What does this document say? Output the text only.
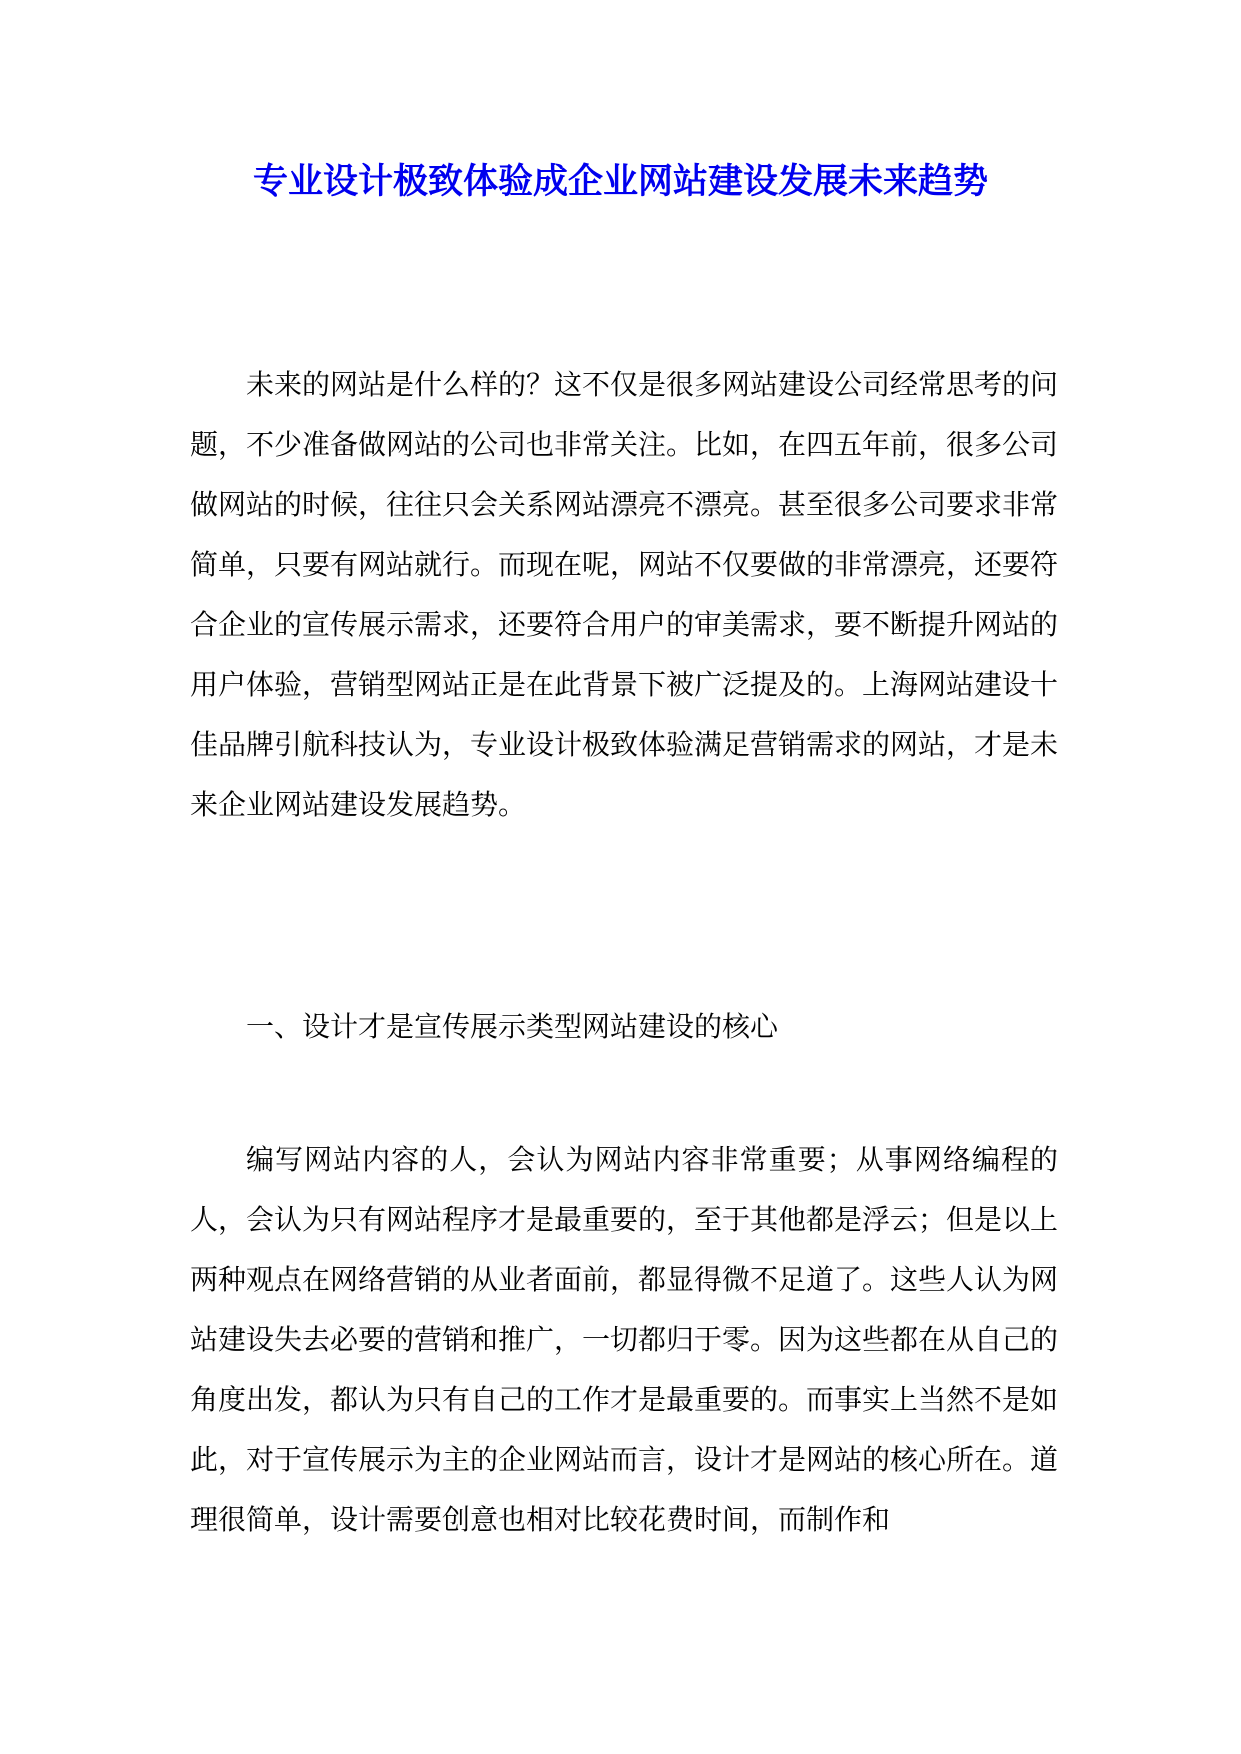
专业设计极致体验成企业网站建设发展未来趋势

未来的网站是什么样的？这不仅是很多网站建设公司经常思考的问题，不少准备做网站的公司也非常关注。比如，在四五年前，很多公司做网站的时候，往往只会关系网站漂亮不漂亮。甚至很多公司要求非常简单，只要有网站就行。而现在呢，网站不仅要做的非常漂亮，还要符合企业的宣传展示需求，还要符合用户的审美需求，要不断提升网站的用户体验，营销型网站正是在此背景下被广泛提及的。上海网站建设十佳品牌引航科技认为，专业设计极致体验满足营销需求的网站，才是未来企业网站建设发展趋势。

一、设计才是宣传展示类型网站建设的核心

编写网站内容的人，会认为网站内容非常重要；从事网络编程的人，会认为只有网站程序才是最重要的，至于其他都是浮云；但是以上两种观点在网络营销的从业者面前，都显得微不足道了。这些人认为网站建设失去必要的营销和推广，一切都归于零。因为这些都在从自己的角度出发，都认为只有自己的工作才是最重要的。而事实上当然不是如此，对于宣传展示为主的企业网站而言，设计才是网站的核心所在。道理很简单，设计需要创意也相对比较花费时间，而制作和
